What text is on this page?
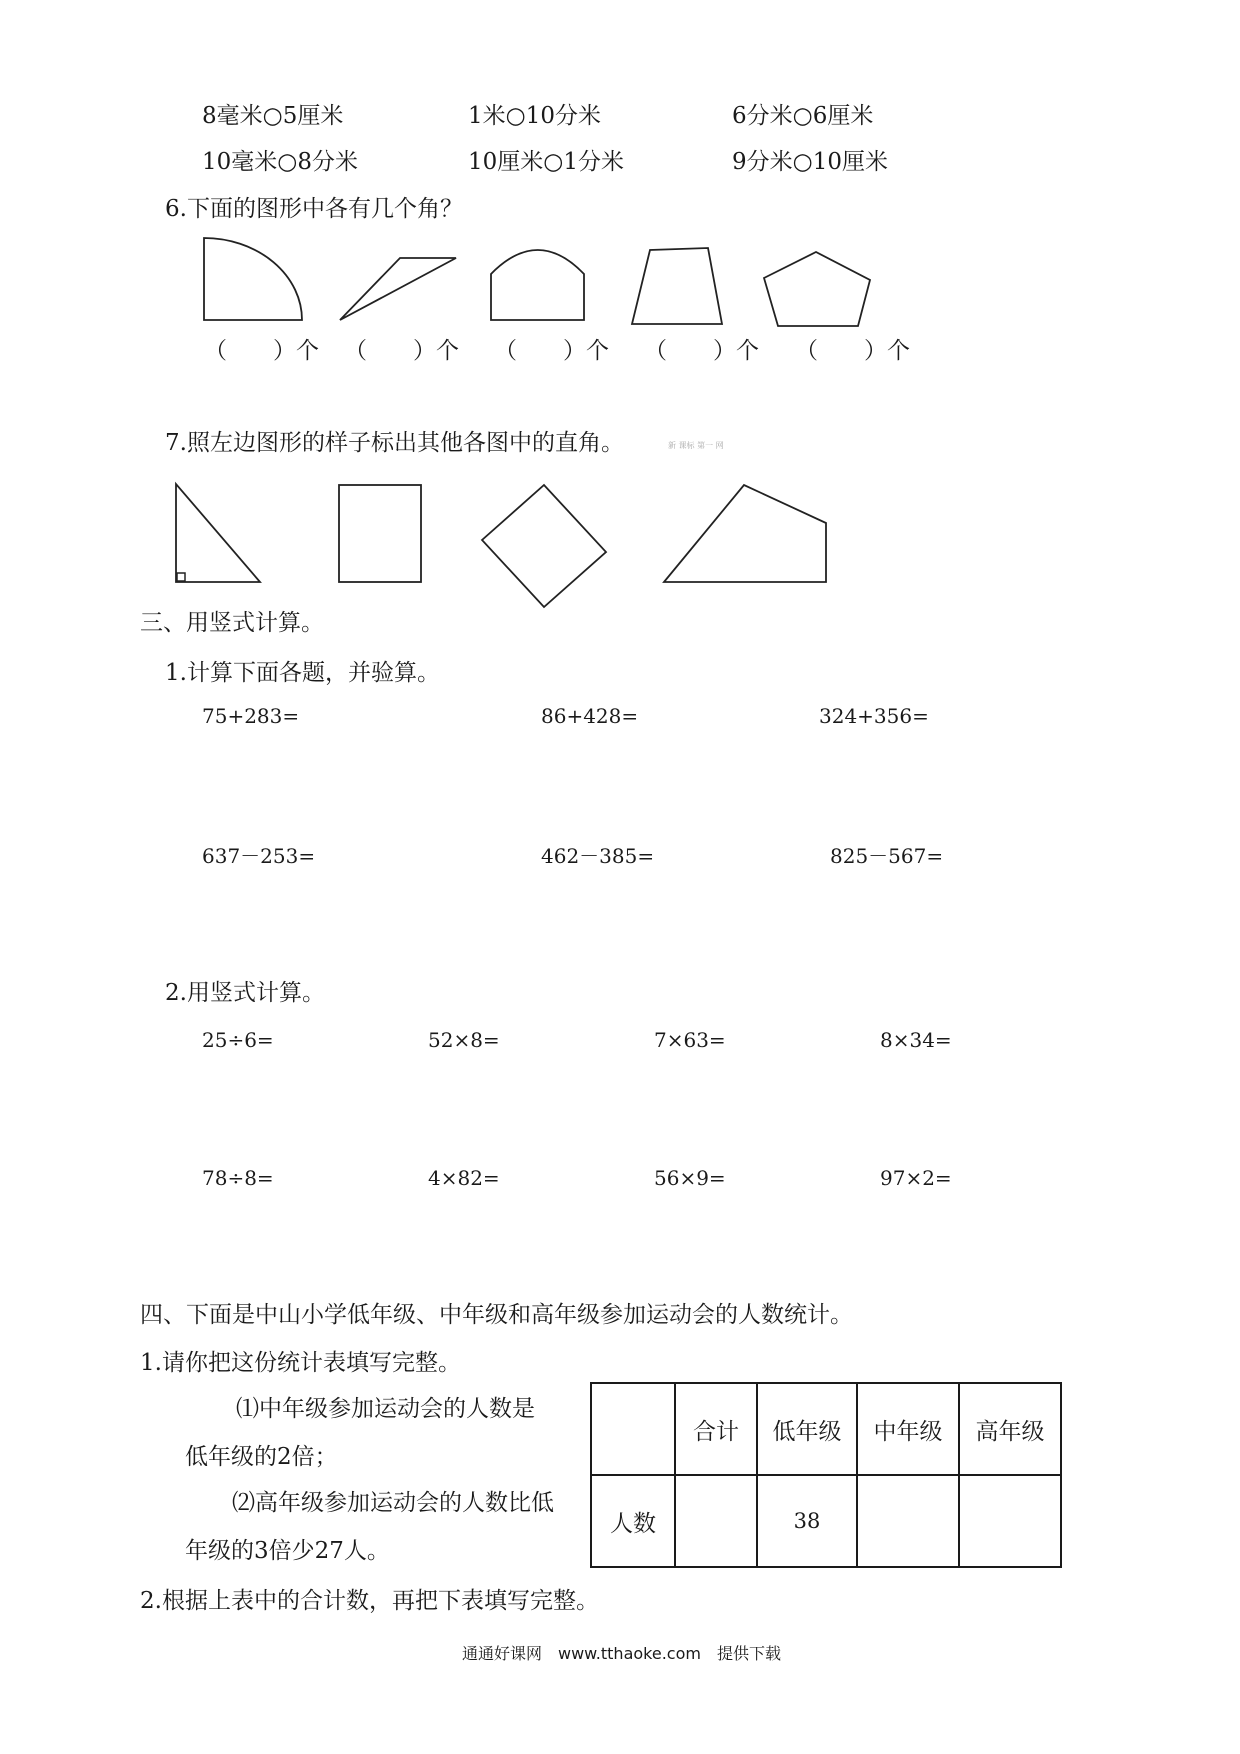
8毫米○5厘米	1米○10分米	6分米○6厘米
10毫米○8分米	10厘米○1分米	9分米○10厘米
6.下面的图形中各有几个角？
（　　）个 （　　）个 （　　）个 （　　）个 （　　）个
7.照左边图形的样子标出其他各图中的直角。	新 课标 第一 网
三、用竖式计算。
1.计算下面各题，并验算。
75+283=	86+428=	324+356=
637－253=	462－385=	825－567=
2.用竖式计算。
25÷6=	52×8=	7×63=	8×34=
78÷8=	4×82=	56×9=	97×2=
四、下面是中山小学低年级、中年级和高年级参加运动会的人数统计。
1.请你把这份统计表填写完整。
⑴中年级参加运动会的人数是
低年级的2倍；
⑵高年级参加运动会的人数比低
年级的3倍少27人。
	合计	低年级	中年级	高年级
人数		38		
2.根据上表中的合计数，再把下表填写完整。
通通好课网　www.tthaoke.com　提供下载
